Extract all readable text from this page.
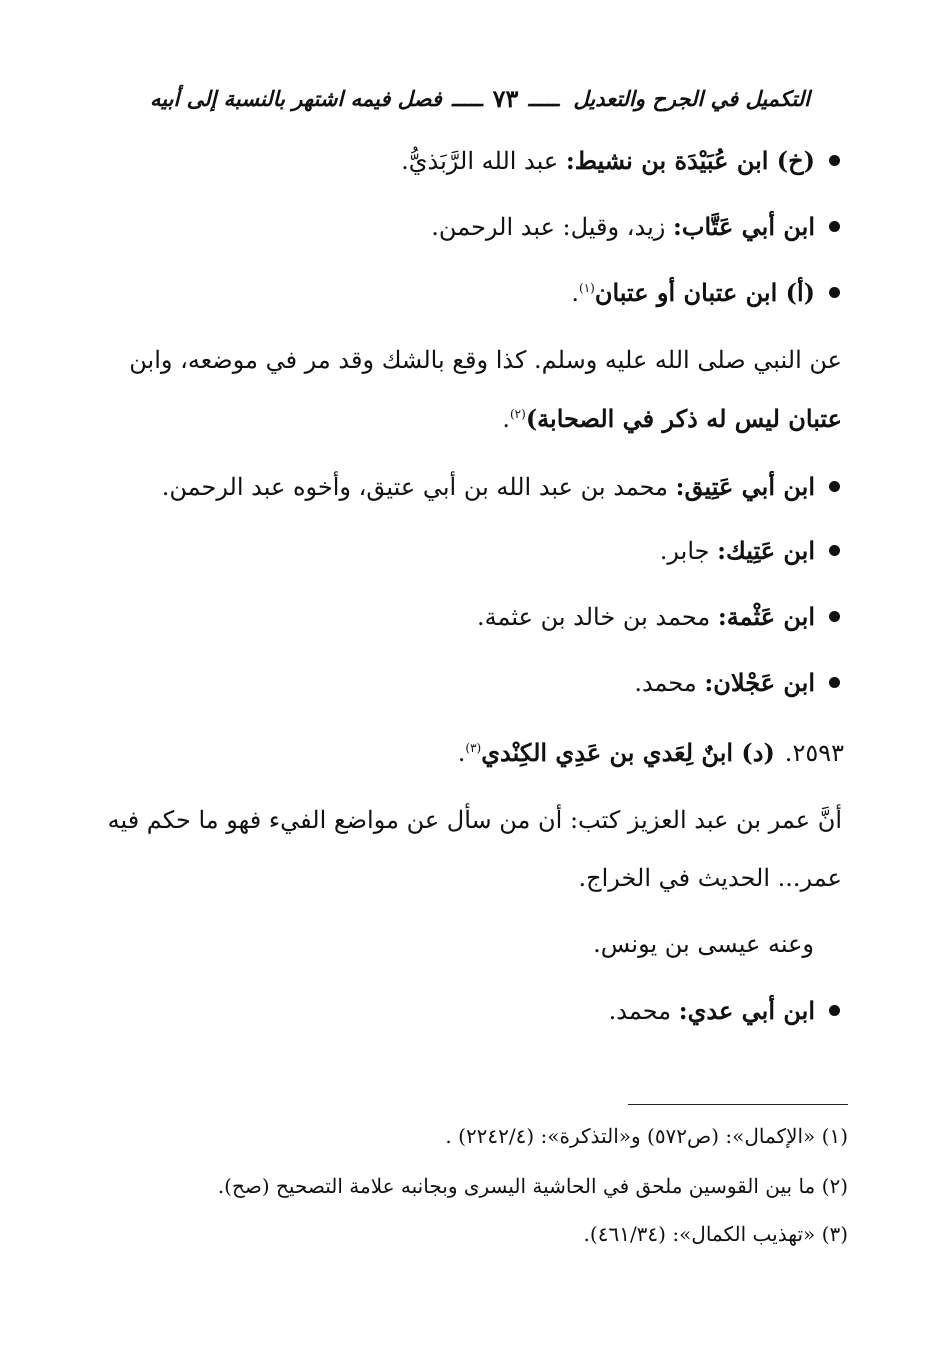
التكميل في الجرح والتعديل
ـــــ
٧٣
ـــــ
فصل فيمه اشتهر بالنسبة إلى أبيه
(خ) ابن عُبَيْدَة بن نشيط: عبد الله الرَّبَذيُّ.
ابن أبي عَتَّاب: زيد، وقيل: عبد الرحمن.
(أ) ابن عتبان أو عتبان$^{(١)}$.
عن النبي صلى الله عليه وسلم. كذا وقع بالشك وقد مر في موضعه، وابن
عتبان ليس له ذكر في الصحابة)$^{(٢)}$.
ابن أبي عَتِيق: محمد بن عبد الله بن أبي عتيق، وأخوه عبد الرحمن.
ابن عَتِيك: جابر.
ابن عَثْمة: محمد بن خالد بن عثمة.
ابن عَجْلان: محمد.
٢٥٩٣.
(د) ابنٌ لِعَدي بن عَدِي الكِنْدي$^{(٣)}$.
أنَّ عمر بن عبد العزيز كتب: أن من سأل عن مواضع الفيء فهو ما حكم فيه
عمر... الحديث في الخراج.
وعنه عيسى بن يونس.
ابن أبي عدي: محمد.
(١) «الإكمال»: (ص٥٧٢) و«التذكرة»: (٢٢٤٢/٤) .
(٢) ما بين القوسين ملحق في الحاشية اليسرى وبجانبه علامة التصحيح (صح).
(٣) «تهذيب الكمال»: (٤٦١/٣٤).
